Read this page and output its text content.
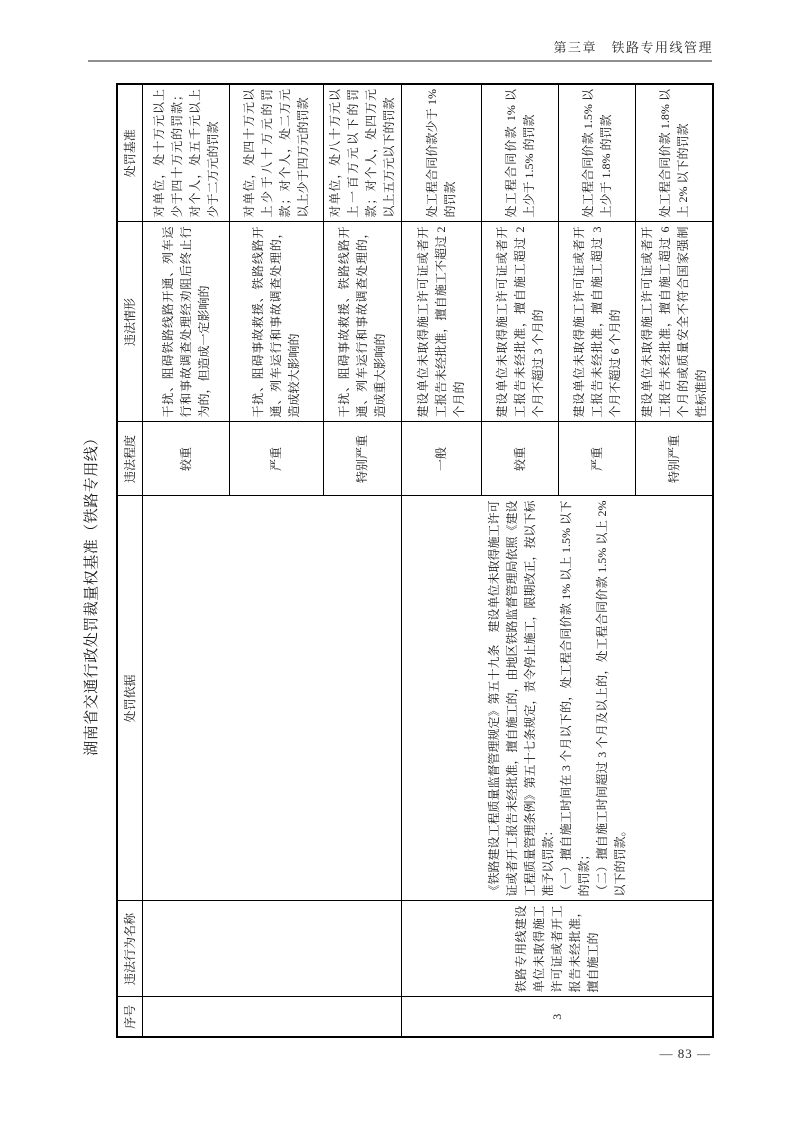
第三章　铁路专用线管理
湖南省交通行政处罚裁量权基准（铁路专用线）
序号	违法行为名称	处罚依据	违法程度	违法情形	处罚基准
			较重	干扰、阻碍铁路线路开通、列车运行和事故调查处理经劝阻后终止行为的，但造成一定影响的	对单位，处十万元以上少于四十万元的罚款；对个人，处五千元以上少于二万元的罚款
			严重	干扰、阻碍事故救援、铁路线路开通、列车运行和事故调查处理的，造成较大影响的	对单位，处四十万元以上少于八十万元的罚款；对个人，处二万元以上少于四万元的罚款
			特别严重	干扰、阻碍事故救援、铁路线路开通、列车运行和事故调查处理的，造成重大影响的	对单位，处八十万元以上一百万元以下的罚款；对个人，处四万元以上五万元以下的罚款
3	铁路专用线建设单位未取得施工许可证或者开工报告未经批准，擅自施工的	《铁路建设工程质量监督管理规定》第五十九条　建设单位未取得施工许可证或者开工报告未经批准，擅自施工的，由地区铁路监督管理局依照《建设工程质量管理条例》第五十七条规定，责令停止施工，限期改正，按以下标准予以罚款： （一）擅自施工时间在 3 个月以下的，处工程合同价款 1% 以上 1.5% 以下的罚款； （二）擅自施工时间超过 3 个月及以上的，处工程合同价款 1.5% 以上 2% 以下的罚款。	一般	建设单位未取得施工许可证或者开工报告未经批准，擅自施工不超过 2 个月的	处工程合同价款少于 1% 的罚款
			较重	建设单位未取得施工许可证或者开工报告未经批准，擅自施工超过 2 个月不超过 3 个月的	处工程合同价款 1% 以上少于 1.5% 的罚款
			严重	建设单位未取得施工许可证或者开工报告未经批准，擅自施工超过 3 个月不超过 6 个月的	处工程合同价款 1.5% 以上少于 1.8% 的罚款
			特别严重	建设单位未取得施工许可证或者开工报告未经批准，擅自施工超过 6 个月的或质量安全不符合国家强制性标准的	处工程合同价款 1.8% 以上 2% 以下的罚款
— 83 —
